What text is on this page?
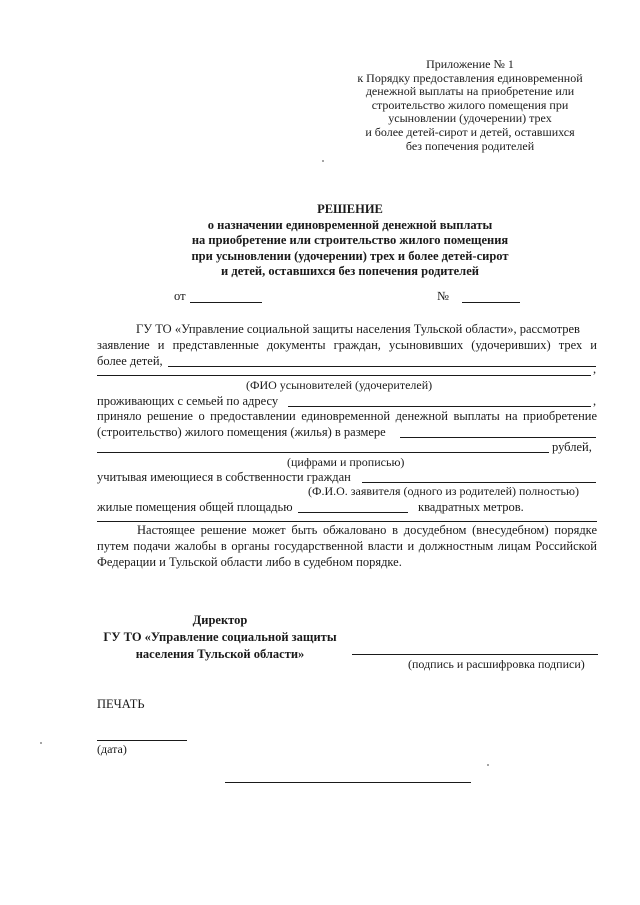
Приложение № 1
к Порядку предоставления единовременной
денежной выплаты на приобретение или
строительство жилого помещения при
усыновлении (удочерении) трех
и более детей-сирот и детей, оставшихся
без попечения родителей
РЕШЕНИЕ
о назначении единовременной денежной выплаты
на приобретение или строительство жилого помещения
при усыновлении (удочерении) трех и более детей-сирот
и детей, оставшихся без попечения родителей
от	№
ГУ ТО «Управление социальной защиты населения Тульской области», рассмотрев
заявление и представленные документы граждан, усыновивших (удочеривших) трех и
более детей,
,
(ФИО усыновителей (удочерителей)
проживающих с семьей по адресу	,
приняло решение о предоставлении единовременной денежной выплаты на приобретение
(строительство) жилого помещения (жилья) в размере
рублей,
(цифрами и прописью)
учитывая имеющиеся в собственности граждан
(Ф.И.О. заявителя (одного из родителей) полностью)
жилые помещения общей площадью	квадратных метров.
Настоящее решение может быть обжаловано в досудебном (внесудебном) порядке путем подачи жалобы в органы государственной власти и должностным лицам Российской Федерации и Тульской области либо в судебном порядке.
Директор
ГУ ТО «Управление социальной защиты
населения Тульской области»
(подпись и расшифровка подписи)
ПЕЧАТЬ
(дата)
